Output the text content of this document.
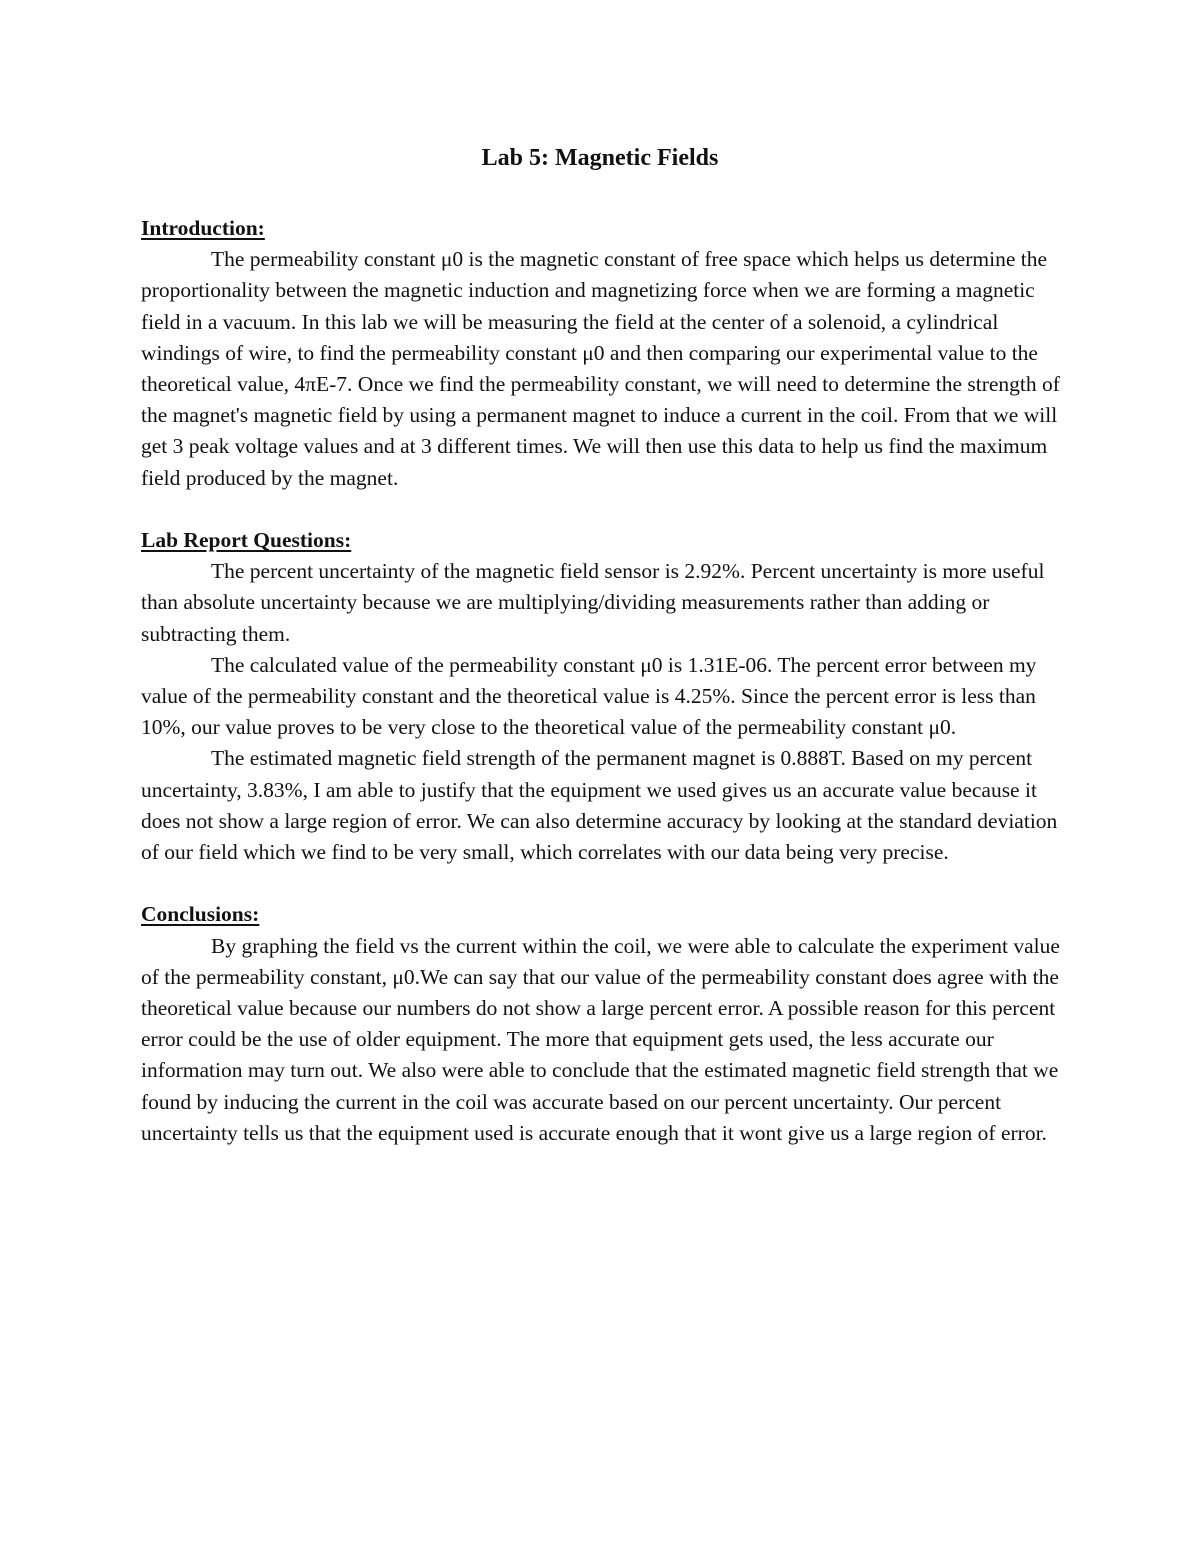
Lab 5: Magnetic Fields

Introduction:

The permeability constant μ0 is the magnetic constant of free space which helps us determine the proportionality between the magnetic induction and magnetizing force when we are forming a magnetic field in a vacuum. In this lab we will be measuring the field at the center of a solenoid, a cylindrical windings of wire, to find the permeability constant μ0 and then comparing our experimental value to the theoretical value, 4πE-7. Once we find the permeability constant, we will need to determine the strength of the magnet's magnetic field by using a permanent magnet to induce a current in the coil. From that we will get 3 peak voltage values and at 3 different times. We will then use this data to help us find the maximum field produced by the magnet.

Lab Report Questions:

The percent uncertainty of the magnetic field sensor is 2.92%. Percent uncertainty is more useful than absolute uncertainty because we are multiplying/dividing measurements rather than adding or subtracting them.

The calculated value of the permeability constant μ0 is 1.31E-06. The percent error between my value of the permeability constant and the theoretical value is 4.25%. Since the percent error is less than 10%, our value proves to be very close to the theoretical value of the permeability constant μ0.

The estimated magnetic field strength of the permanent magnet is 0.888T. Based on my percent uncertainty, 3.83%, I am able to justify that the equipment we used gives us an accurate value because it does not show a large region of error. We can also determine accuracy by looking at the standard deviation of our field which we find to be very small, which correlates with our data being very precise.

Conclusions:

By graphing the field vs the current within the coil, we were able to calculate the experiment value of the permeability constant, μ0.We can say that our value of the permeability constant does agree with the theoretical value because our numbers do not show a large percent error. A possible reason for this percent error could be the use of older equipment. The more that equipment gets used, the less accurate our information may turn out. We also were able to conclude that the estimated magnetic field strength that we found by inducing the current in the coil was accurate based on our percent uncertainty. Our percent uncertainty tells us that the equipment used is accurate enough that it wont give us a large region of error.
